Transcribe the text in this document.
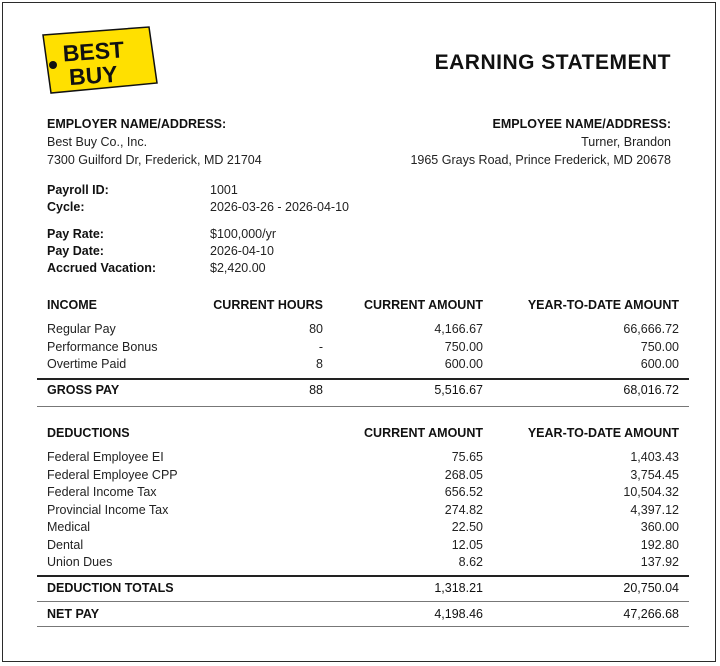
BEST
BUY	EARNING STATEMENT
EMPLOYER NAME/ADDRESS:
Best Buy Co., Inc.
7300 Guilford Dr, Frederick, MD 21704
EMPLOYEE NAME/ADDRESS:
Turner, Brandon
1965 Grays Road, Prince Frederick, MD 20678
Payroll ID:	1001
Cycle:	2026-03-26 - 2026-04-10
Pay Rate:	$100,000/yr
Pay Date:	2026-04-10
Accrued Vacation:	$2,420.00
INCOME	CURRENT HOURS	CURRENT AMOUNT	YEAR-TO-DATE AMOUNT
Regular Pay	80	4,166.67	66,666.72
Performance Bonus	-	750.00	750.00
Overtime Paid	8	600.00	600.00
GROSS PAY	88	5,516.67	68,016.72
DEDUCTIONS	CURRENT AMOUNT	YEAR-TO-DATE AMOUNT
Federal Employee EI	75.65	1,403.43
Federal Employee CPP	268.05	3,754.45
Federal Income Tax	656.52	10,504.32
Provincial Income Tax	274.82	4,397.12
Medical	22.50	360.00
Dental	12.05	192.80
Union Dues	8.62	137.92
DEDUCTION TOTALS	1,318.21	20,750.04
NET PAY	4,198.46	47,266.68
